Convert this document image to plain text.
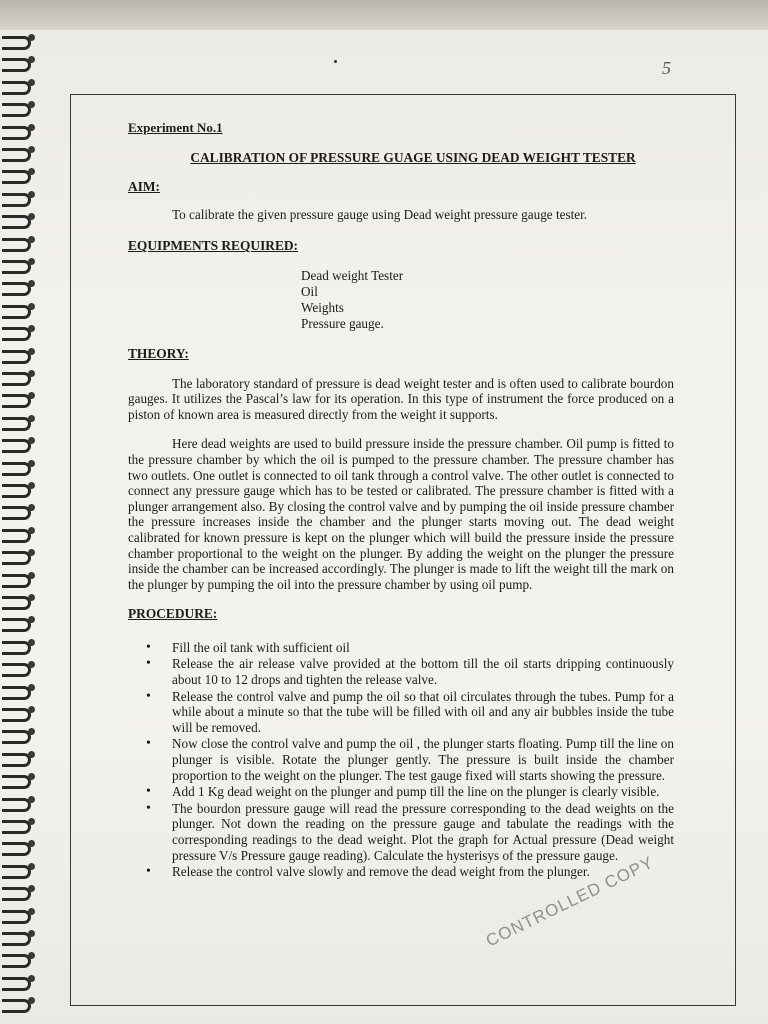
5

Experiment No.1

CALIBRATION OF PRESSURE GUAGE USING DEAD WEIGHT TESTER

AIM:

To calibrate the given pressure gauge using Dead weight pressure gauge tester.

EQUIPMENTS REQUIRED:

Dead weight Tester
Oil
Weights
Pressure gauge.

THEORY:

The laboratory standard of pressure is dead weight tester and is often used to calibrate bourdon gauges. It utilizes the Pascal’s law for its operation. In this type of instrument the force produced on a piston of known area is measured directly from the weight it supports.

Here dead weights are used to build pressure inside the pressure chamber. Oil pump is fitted to the pressure chamber by which the oil is pumped to the pressure chamber. The pressure chamber has two outlets. One outlet is connected to oil tank through a control valve. The other outlet is connected to connect any pressure gauge which has to be tested or calibrated. The pressure chamber is fitted with a plunger arrangement also. By closing the control valve and by pumping the oil inside pressure chamber the pressure increases inside the chamber and the plunger starts moving out. The dead weight calibrated for known pressure is kept on the plunger which will build the pressure inside the pressure chamber proportional to the weight on the plunger. By adding the weight on the plunger the pressure inside the chamber can be increased accordingly. The plunger is made to lift the weight till the mark on the plunger by pumping the oil into the pressure chamber by using oil pump.

PROCEDURE:

• Fill the oil tank with sufficient oil
• Release the air release valve provided at the bottom till the oil starts dripping continuously about 10 to 12 drops and tighten the release valve.
• Release the control valve and pump the oil so that oil circulates through the tubes. Pump for a while about a minute so that the tube will be filled with oil and any air bubbles inside the tube will be removed.
• Now close the control valve and pump the oil , the plunger starts floating. Pump till the line on plunger is visible. Rotate the plunger gently. The pressure is built inside the chamber proportion to the weight on the plunger. The test gauge fixed will starts showing the pressure.
• Add 1 Kg dead weight on the plunger and pump till the line on the plunger is clearly visible.
• The bourdon pressure gauge will read the pressure corresponding to the dead weights on the plunger. Not down the reading on the pressure gauge and tabulate the readings with the corresponding readings to the dead weight. Plot the graph for Actual pressure (Dead weight pressure V/s Pressure gauge reading). Calculate the hysterisys of the pressure gauge.
• Release the control valve slowly and remove the dead weight from the plunger.
CONTROLLED COPY
